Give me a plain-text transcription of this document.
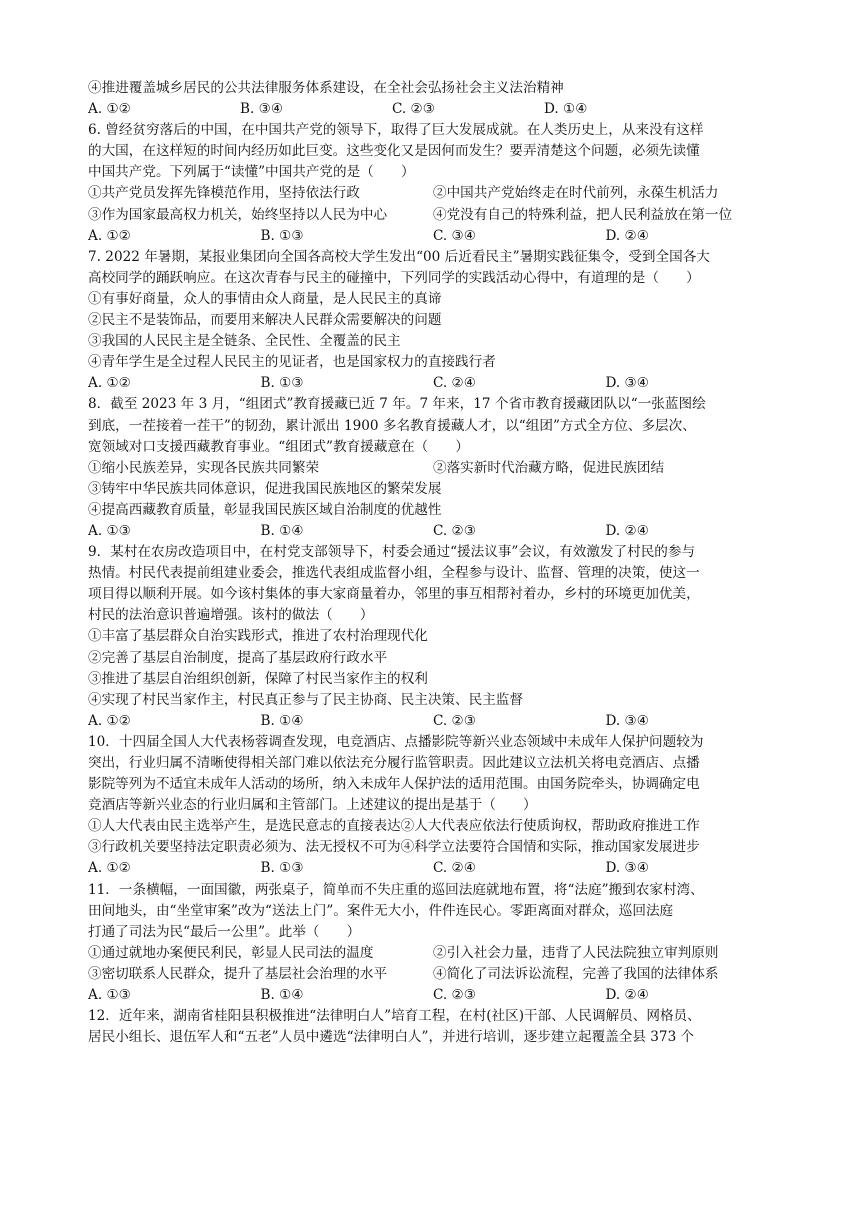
④推进覆盖城乡居民的公共法律服务体系建设，在全社会弘扬社会主义法治精神
A. ①②	B. ③④	C. ②③	D. ①④
6. 曾经贫穷落后的中国，在中国共产党的领导下，取得了巨大发展成就。在人类历史上，从来没有这样
的大国，在这样短的时间内经历如此巨变。这些变化又是因何而发生？要弄清楚这个问题，必须先读懂
中国共产党。下列属于“读懂”中国共产党的是（　　）
①共产党员发挥先锋模范作用，坚持依法行政	②中国共产党始终走在时代前列，永葆生机活力
③作为国家最高权力机关，始终坚持以人民为中心	④党没有自己的特殊利益，把人民利益放在第一位
A. ①②	B. ①③	C. ③④	D. ②④
7. 2022 年暑期，某报业集团向全国各高校大学生发出“00 后近看民主”暑期实践征集令，受到全国各大
高校同学的踊跃响应。在这次青春与民主的碰撞中，下列同学的实践活动心得中，有道理的是（　　）
①有事好商量，众人的事情由众人商量，是人民民主的真谛
②民主不是装饰品，而要用来解决人民群众需要解决的问题
③我国的人民民主是全链条、全民性、全覆盖的民主
④青年学生是全过程人民民主的见证者，也是国家权力的直接践行者
A. ①②	B. ①③	C. ②④	D. ③④
8．截至 2023 年 3 月，“组团式”教育援藏已近 7 年。7 年来，17 个省市教育援藏团队以“一张蓝图绘
到底，一茬接着一茬干”的韧劲，累计派出 1900 多名教育援藏人才，以“组团”方式全方位、多层次、
宽领域对口支援西藏教育事业。“组团式”教育援藏意在（　　）
①缩小民族差异，实现各民族共同繁荣	②落实新时代治藏方略，促进民族团结
③铸牢中华民族共同体意识，促进我国民族地区的繁荣发展
④提高西藏教育质量，彰显我国民族区域自治制度的优越性
A. ①③	B. ①④	C. ②③	D. ②④
9．某村在农房改造项目中，在村党支部领导下，村委会通过“援法议事”会议，有效激发了村民的参与
热情。村民代表提前组建业委会，推选代表组成监督小组，全程参与设计、监督、管理的决策，使这一
项目得以顺利开展。如今该村集体的事大家商量着办，邻里的事互相帮衬着办，乡村的环境更加优美，
村民的法治意识普遍增强。该村的做法（　　）
①丰富了基层群众自治实践形式，推进了农村治理现代化
②完善了基层自治制度，提高了基层政府行政水平
③推进了基层自治组织创新，保障了村民当家作主的权利
④实现了村民当家作主，村民真正参与了民主协商、民主决策、民主监督
A. ①②	B. ①④	C. ②③	D. ③④
10．十四届全国人大代表杨蓉调查发现，电竞酒店、点播影院等新兴业态领域中未成年人保护问题较为
突出，行业归属不清晰使得相关部门难以依法充分履行监管职责。因此建议立法机关将电竞酒店、点播
影院等列为不适宜未成年人活动的场所，纳入未成年人保护法的适用范围。由国务院牵头，协调确定电
竞酒店等新兴业态的行业归属和主管部门。上述建议的提出是基于（　　）
①人大代表由民主选举产生，是选民意志的直接表达②人大代表应依法行使质询权，帮助政府推进工作
③行政机关要坚持法定职责必须为、法无授权不可为④科学立法要符合国情和实际，推动国家发展进步
A. ①②	B. ①③	C. ②④	D. ③④
11．一条横幅，一面国徽，两张桌子，简单而不失庄重的巡回法庭就地布置，将“法庭”搬到农家村湾、
田间地头，由“坐堂审案”改为“送法上门”。案件无大小，件件连民心。零距离面对群众，巡回法庭
打通了司法为民“最后一公里”。此举（　　）
①通过就地办案便民利民，彰显人民司法的温度	②引入社会力量，违背了人民法院独立审判原则
③密切联系人民群众，提升了基层社会治理的水平	④简化了司法诉讼流程，完善了我国的法律体系
A. ①③	B. ①④	C. ②③	D. ②④
12．近年来，湖南省桂阳县积极推进“法律明白人”培育工程，在村(社区)干部、人民调解员、网格员、
居民小组长、退伍军人和“五老”人员中遴选“法律明白人”，并进行培训，逐步建立起覆盖全县 373 个
